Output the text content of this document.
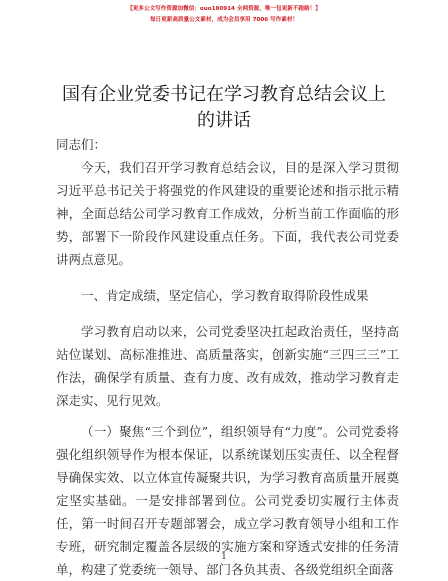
【更多公文写作资源加微信：ouo180914 全网资源，唯一包更新不跑路！】
每日更新高质量公文素材，成为会员享用 7006 写作素材！
国有企业党委书记在学习教育总结会议上的讲话

同志们：

今天，我们召开学习教育总结会议，目的是深入学习贯彻习近平总书记关于将强党的作风建设的重要论述和指示批示精神，全面总结公司学习教育工作成效，分析当前工作面临的形势，部署下一阶段作风建设重点任务。下面，我代表公司党委讲两点意见。

一、肯定成绩，坚定信心，学习教育取得阶段性成果

学习教育启动以来，公司党委坚决扛起政治责任，坚持高站位谋划、高标准推进、高质量落实，创新实施“三四三三”工作法，确保学有质量、查有力度、改有成效，推动学习教育走深走实、见行见效。

（一）聚焦“三个到位”，组织领导有“力度”。公司党委将强化组织领导作为根本保证，以系统谋划压实责任、以全程督导确保实效、以立体宣传凝聚共识，为学习教育高质量开展奠定坚实基础。一是安排部署到位。公司党委切实履行主体责任，第一时间召开专题部署会，成立学习教育领导小组和工作专班，研究制定覆盖各层级的实施方案和穿透式安排的任务清单，构建了党委统一领导、部门各负其责、各级党组织全面落

1
